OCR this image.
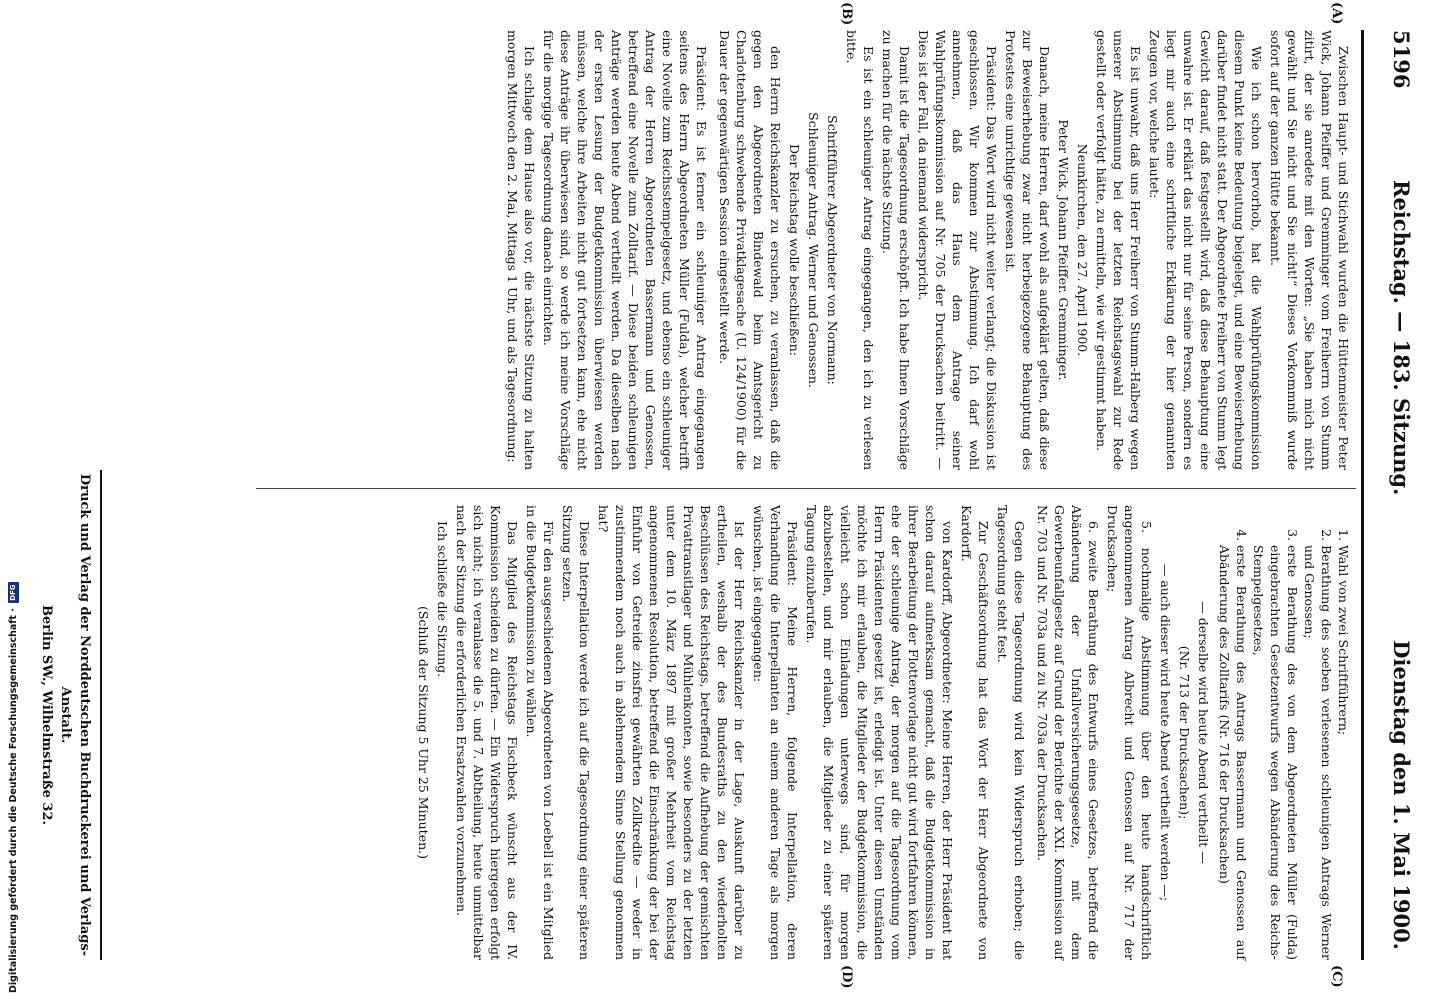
5196
Reichstag. — 183. Sitzung.
Dienstag den 1. Mai 1900.
(A)
(B)
(C)
(D)

Zwischen Haupt- und Stichwahl wurden die Hüttenmeister Peter Wick, Johann Pfeiffer und Gremminger vom Freiherrn von Stumm zitirt, der sie anredete mit den Worten: „Sie haben mich nicht gewählt und Sie nicht und Sie nicht!“ Dieses Vorkommniß wurde sofort auf der ganzen Hütte bekannt.

Wie ich schon hervorhob, hat die Wahlprüfungskommission diesem Punkt keine Bedeutung beigelegt, und eine Beweiserhebung darüber findet nicht statt. Der Abgeordnete Freiherr von Stumm legt Gewicht darauf, daß festgestellt wird, daß diese Behauptung eine unwahre ist. Er erklärt das nicht nur für seine Person, sondern es liegt mir auch eine schriftliche Erklärung der hier genannten Zeugen vor, welche lautet:

Es ist unwahr, daß uns Herr Freiherr von Stumm-Halberg wegen unserer Abstimmung bei der letzten Reichstagswahl zur Rede gestellt oder verfolgt hätte, zu ermitteln, wie wir gestimmt haben.

Neunkirchen, den 27. April 1900.

Peter Wick. Johann Pfeiffer. Gremminger.

Danach, meine Herren, darf wohl als aufgeklärt gelten, daß diese zur Beweiserhebung zwar nicht herbeigezogene Behauptung des Protestes eine unrichtige gewesen ist.

Präsident: Das Wort wird nicht weiter verlangt; die Diskussion ist geschlossen. Wir kommen zur Abstimmung. Ich darf wohl annehmen, daß das Haus dem Antrage seiner Wahlprüfungskommission auf Nr. 705 der Drucksachen beitritt. — Dies ist der Fall, da niemand widerspricht.

Damit ist die Tagesordnung erschöpft. Ich habe Ihnen Vorschläge zu machen für die nächste Sitzung.

Es ist ein schleuniger Antrag eingegangen, den ich zu verlesen bitte.

Schriftführer Abgeordneter von Normann:

Schleuniger Antrag. Werner und Genossen.

Der Reichstag wolle beschließen:

den Herrn Reichskanzler zu ersuchen, zu veranlassen, daß die gegen den Abgeordneten Bindewald beim Amtsgericht zu Charlottenburg schwebende Privatklagesache (U. 124/1900) für die Dauer der gegenwärtigen Session eingestellt werde.

Präsident: Es ist ferner ein schleuniger Antrag eingegangen seitens des Herrn Abgeordneten Müller (Fulda), welcher betrifft eine Novelle zum Reichsstempelgesetz, und ebenso ein schleuniger Antrag der Herren Abgeordneten Bassermann und Genossen, betreffend eine Novelle zum Zolltarif. — Diese beiden schleunigen Anträge werden heute Abend vertheilt werden. Da dieselben nach der ersten Lesung der Budgetkommission überwiesen werden müssen, welche ihre Arbeiten nicht gut fortsetzen kann, ehe nicht diese Anträge ihr überwiesen sind, so werde ich meine Vorschläge für die morgige Tagesordnung danach einrichten.

Ich schlage dem Hause also vor, die nächste Sitzung zu halten morgen Mittwoch den 2. Mai, Mittags 1 Uhr, und als Tagesordnung:

1. Wahl von zwei Schriftführern;
2. Berathung des soeben verlesenen schleunigen Antrags Werner und Genossen;
3. erste Berathung des von dem Abgeordneten Müller (Fulda) eingebrachten Gesetzentwurfs wegen Abänderung des Reichs-Stempelgesetzes,
4. erste Berathung des Antrags Bassermann und Genossen auf Abänderung des Zolltarifs (Nr. 716 der Drucksachen)

— derselbe wird heute Abend vertheilt —

(Nr. 713 der Drucksachen);

— auch dieser wird heute Abend vertheilt werden —;

5. nochmalige Abstimmung über den heute handschriftlich angenommenen Antrag Albrecht und Genossen auf Nr. 717 der Drucksachen;

6. zweite Berathung des Entwurfs eines Gesetzes, betreffend die Abänderung der Unfallversicherungsgesetze, mit dem Gewerbeunfallgesetz auf Grund der Berichte der XXI. Kommission auf Nr. 703 und Nr. 703a und zu Nr. 703a der Drucksachen.

Gegen diese Tagesordnung wird kein Widerspruch erhoben; die Tagesordnung steht fest.

Zur Geschäftsordnung hat das Wort der Herr Abgeordnete von Kardorff.

von Kardorff, Abgeordneter: Meine Herren, der Herr Präsident hat schon darauf aufmerksam gemacht, daß die Budgetkommission in ihrer Bearbeitung der Flottenvorlage nicht gut wird fortfahren können, ehe der schleunige Antrag, der morgen auf die Tagesordnung vom Herrn Präsidenten gesetzt ist, erledigt ist. Unter diesen Umständen möchte ich mir erlauben, die Mitglieder der Budgetkommission, die vielleicht schon Einladungen unterwegs sind, für morgen abzubestellen, und mir erlauben, die Mitglieder zu einer späteren Tagung einzuberufen.

Präsident: Meine Herren, folgende Interpellation, deren Verhandlung die Interpellanten an einem anderen Tage als morgen wünschen, ist eingegangen:

Ist der Herr Reichskanzler in der Lage, Auskunft darüber zu ertheilen, weshalb der des Bundesraths zu den wiederholten Beschlüssen des Reichstags, betreffend die Aufhebung der gemischten Privattransitlager und Mühlenkonten, sowie besonders zu der letzten unter dem 10. März 1897 mit großer Mehrheit vom Reichstag angenommenen Resolution, betreffend die Einschränkung der bei der Einfuhr von Getreide zinsfrei gewährten Zollkredite — weder in zustimmendem noch auch in ablehnendem Sinne Stellung genommen hat?

Diese Interpellation werde ich auf die Tagesordnung einer späteren Sitzung setzen.

Für den ausgeschiedenen Abgeordneten von Loebell ist ein Mitglied in die Budgetkommission zu wählen.

Das Mitglied des Reichstags Fischbeck wünscht aus der IV. Kommission scheiden zu dürfen. — Ein Widerspruch hiergegen erfolgt sich nicht; ich veranlasse die 5. und 7. Abtheilung, heute unmittelbar nach der Sitzung die erforderlichen Ersatzwahlen vorzunehmen.

Ich schließe die Sitzung.

(Schluß der Sitzung 5 Uhr 25 Minuten.)

Druck und Verlag der Norddeutschen Buchdruckerei und Verlags-Anstalt.
Berlin SW., Wilhelmstraße 32.
Digitalisierung gefördert durch die Deutsche Forschungsgemeinschaft · DFG
